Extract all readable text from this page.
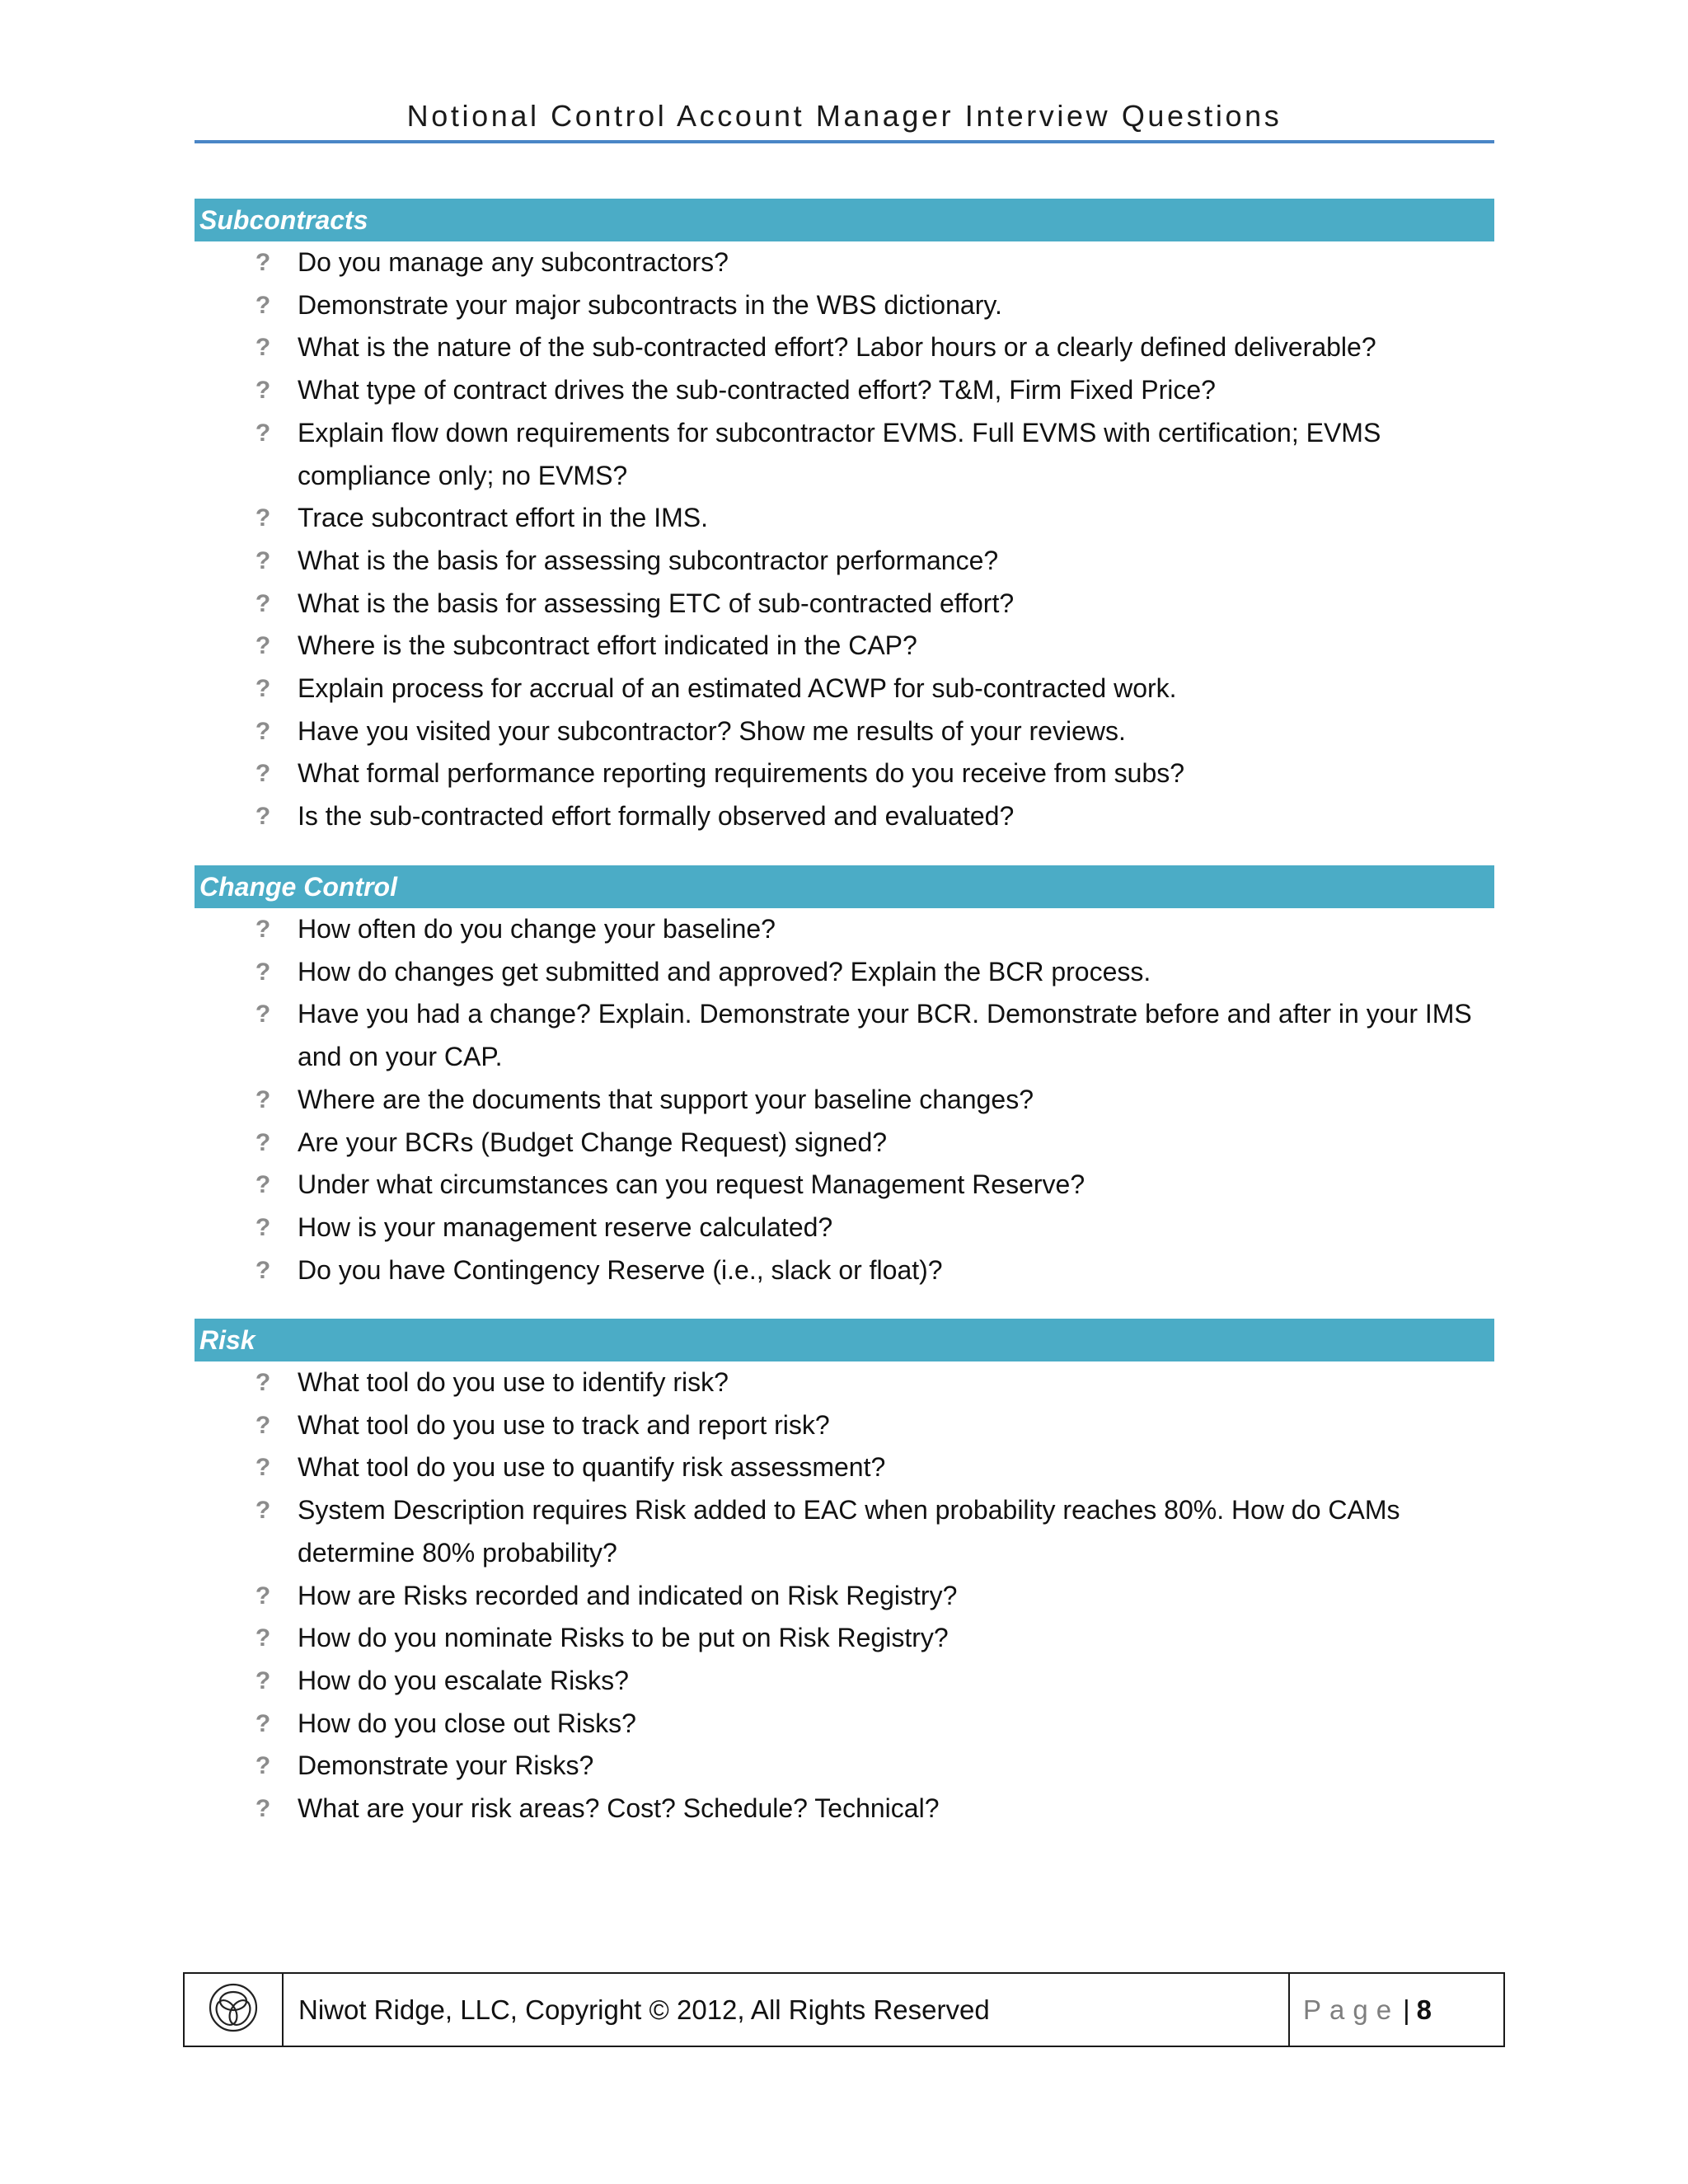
Notional Control Account Manager Interview Questions
Subcontracts
? Do you manage any subcontractors?
? Demonstrate your major subcontracts in the WBS dictionary.
? What is the nature of the sub-contracted effort? Labor hours or a clearly defined deliverable?
? What type of contract drives the sub-contracted effort? T&M, Firm Fixed Price?
? Explain flow down requirements for subcontractor EVMS. Full EVMS with certification; EVMS compliance only; no EVMS?
? Trace subcontract effort in the IMS.
? What is the basis for assessing subcontractor performance?
? What is the basis for assessing ETC of sub-contracted effort?
? Where is the subcontract effort indicated in the CAP?
? Explain process for accrual of an estimated ACWP for sub-contracted work.
? Have you visited your subcontractor? Show me results of your reviews.
? What formal performance reporting requirements do you receive from subs?
? Is the sub-contracted effort formally observed and evaluated?
Change Control
? How often do you change your baseline?
? How do changes get submitted and approved? Explain the BCR process.
? Have you had a change? Explain. Demonstrate your BCR. Demonstrate before and after in your IMS and on your CAP.
? Where are the documents that support your baseline changes?
? Are your BCRs (Budget Change Request) signed?
? Under what circumstances can you request Management Reserve?
? How is your management reserve calculated?
? Do you have Contingency Reserve (i.e., slack or float)?
Risk
? What tool do you use to identify risk?
? What tool do you use to track and report risk?
? What tool do you use to quantify risk assessment?
? System Description requires Risk added to EAC when probability reaches 80%. How do CAMs determine 80% probability?
? How are Risks recorded and indicated on Risk Registry?
? How do you nominate Risks to be put on Risk Registry?
? How do you escalate Risks?
? How do you close out Risks?
? Demonstrate your Risks?
? What are your risk areas? Cost? Schedule? Technical?
Niwot Ridge, LLC, Copyright © 2012, All Rights Reserved	Page | 8
